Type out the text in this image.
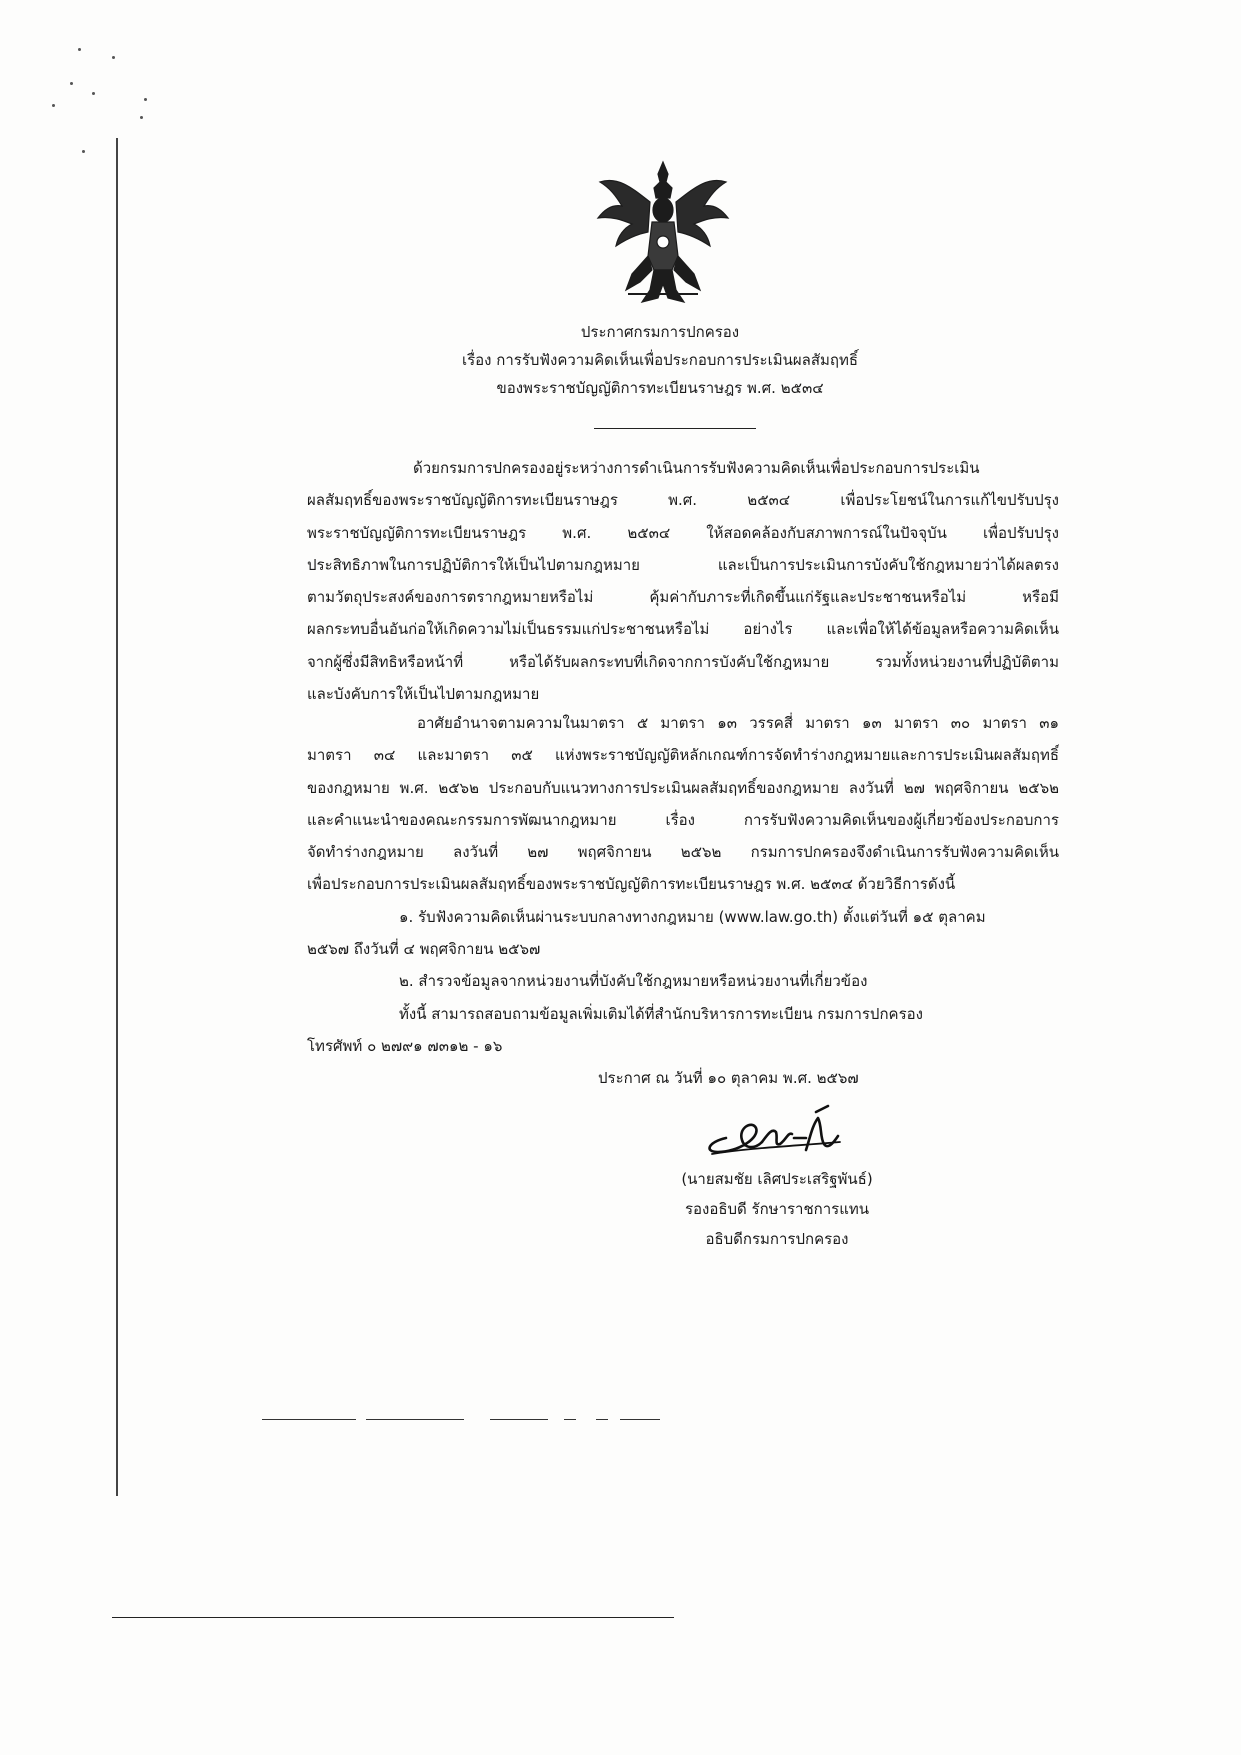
ประกาศกรมการปกครอง
เรื่อง การรับฟังความคิดเห็นเพื่อประกอบการประเมินผลสัมฤทธิ์
ของพระราชบัญญัติการทะเบียนราษฎร พ.ศ. ๒๕๓๔
ด้วยกรมการปกครองอยู่ระหว่างการดำเนินการรับฟังความคิดเห็นเพื่อประกอบการประเมิน
ผลสัมฤทธิ์ของพระราชบัญญัติการทะเบียนราษฎร พ.ศ. ๒๕๓๔ เพื่อประโยชน์ในการแก้ไขปรับปรุง
พระราชบัญญัติการทะเบียนราษฎร พ.ศ. ๒๕๓๔ ให้สอดคล้องกับสภาพการณ์ในปัจจุบัน เพื่อปรับปรุง
ประสิทธิภาพในการปฏิบัติการให้เป็นไปตามกฎหมาย และเป็นการประเมินการบังคับใช้กฎหมายว่าได้ผลตรง
ตามวัตถุประสงค์ของการตรากฎหมายหรือไม่ คุ้มค่ากับภาระที่เกิดขึ้นแก่รัฐและประชาชนหรือไม่ หรือมี
ผลกระทบอื่นอันก่อให้เกิดความไม่เป็นธรรมแก่ประชาชนหรือไม่ อย่างไร และเพื่อให้ได้ข้อมูลหรือความคิดเห็น
จากผู้ซึ่งมีสิทธิหรือหน้าที่ หรือได้รับผลกระทบที่เกิดจากการบังคับใช้กฎหมาย รวมทั้งหน่วยงานที่ปฏิบัติตาม
และบังคับการให้เป็นไปตามกฎหมาย
อาศัยอำนาจตามความในมาตรา ๕ มาตรา ๑๓ วรรคสี่ มาตรา ๑๓ มาตรา ๓๐ มาตรา ๓๑
มาตรา ๓๔ และมาตรา ๓๕ แห่งพระราชบัญญัติหลักเกณฑ์การจัดทำร่างกฎหมายและการประเมินผลสัมฤทธิ์
ของกฎหมาย พ.ศ. ๒๕๖๒ ประกอบกับแนวทางการประเมินผลสัมฤทธิ์ของกฎหมาย ลงวันที่ ๒๗ พฤศจิกายน ๒๕๖๒
และคำแนะนำของคณะกรรมการพัฒนากฎหมาย เรื่อง การรับฟังความคิดเห็นของผู้เกี่ยวข้องประกอบการ
จัดทำร่างกฎหมาย ลงวันที่ ๒๗ พฤศจิกายน ๒๕๖๒ กรมการปกครองจึงดำเนินการรับฟังความคิดเห็น
เพื่อประกอบการประเมินผลสัมฤทธิ์ของพระราชบัญญัติการทะเบียนราษฎร พ.ศ. ๒๕๓๔ ด้วยวิธีการดังนี้
๑. รับฟังความคิดเห็นผ่านระบบกลางทางกฎหมาย (www.law.go.th) ตั้งแต่วันที่ ๑๕ ตุลาคม
๒๕๖๗ ถึงวันที่ ๔ พฤศจิกายน ๒๕๖๗
๒. สำรวจข้อมูลจากหน่วยงานที่บังคับใช้กฎหมายหรือหน่วยงานที่เกี่ยวข้อง
ทั้งนี้ สามารถสอบถามข้อมูลเพิ่มเติมได้ที่สำนักบริหารการทะเบียน กรมการปกครอง
โทรศัพท์ ๐ ๒๗๙๑ ๗๓๑๒ - ๑๖
ประกาศ ณ วันที่ ๑๐ ตุลาคม พ.ศ. ๒๕๖๗
(นายสมชัย เลิศประเสริฐพันธ์)
รองอธิบดี รักษาราชการแทน
อธิบดีกรมการปกครอง
